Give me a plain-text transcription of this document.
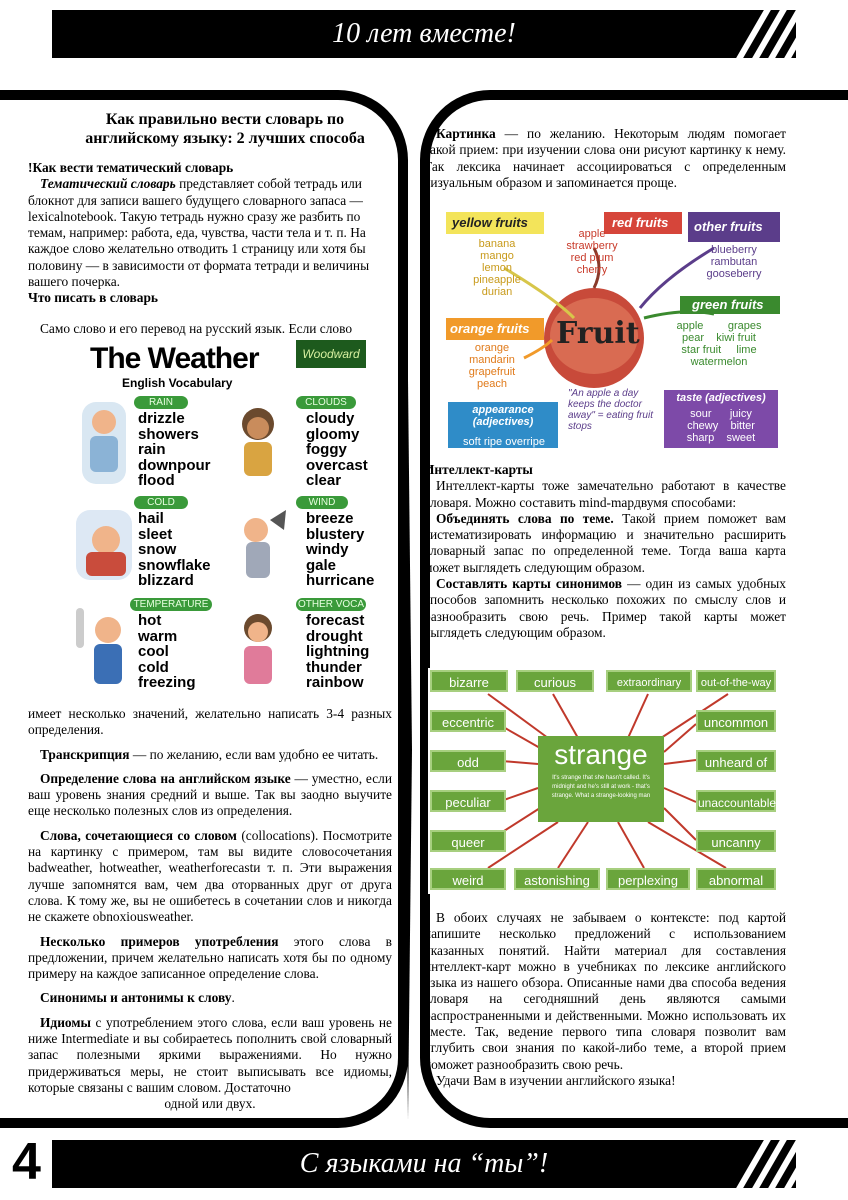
10 лет вместе!
Как правильно вести словарь по
английскому языку: 2 лучших способа

!Как вести тематический словарь

Тематический словарь представляет собой тетрадь или блокнот для записи вашего будущего словарного запаса — lexicalnotebook. Такую тетрадь нужно сразу же разбить по темам, например: работа, еда, чувства, части тела и т. п. На каждое слово желательно отводить 1 страницу или хотя бы половину — в зависимости от формата тетради и величины вашего почерка.

Что писать в словарь

Само слово и его перевод на русский язык. Если слово

The Weather
English Vocabulary
Woodward
RAIN
drizzle
showers
rain
downpour
flood
CLOUDS
cloudy
gloomy
foggy
overcast
clear
COLD
hail
sleet
snow
snowflake
blizzard
WIND
breeze
blustery
windy
gale
hurricane
TEMPERATURE
hot
warm
cool
cold
freezing
OTHER VOCA
forecast
drought
lightning
thunder
rainbow

имеет несколько значений, желательно написать 3-4 разных определения.

Транскрипция — по желанию, если вам удобно ее читать.

Определение слова на английском языке — уместно, если ваш уровень знания средний и выше. Так вы заодно выучите еще несколько полезных слов из определения.

Слова, сочетающиеся со словом (collocations). Посмотрите на картинку с примером, там вы видите словосочетания badweather, hotweather, weatherforecastи т. п. Эти выражения лучше запомнятся вам, чем два оторванных друг от друга слова. К тому же, вы не ошибетесь в сочетании слов и никогда не скажете obnoxiousweather.

Несколько примеров употребления этого слова в предложении, причем желательно написать хотя бы по одному примеру на каждое записанное определение слова.

Синонимы и антонимы к слову.

Идиомы с употреблением этого слова, если ваш уровень не ниже Intermediate и вы собираетесь пополнить свой словарный запас полезными яркими выражениями. Но нужно придерживаться меры, не стоит выписывать все идиомы, которые связаны с вашим словом. Достаточно

одной или двух.

Картинка — по желанию. Некоторым людям помогает такой прием: при изучении слова они рисуют картинку к нему. Так лексика начинает ассоциироваться с определенным визуальным образом и запоминается проще.

yellow fruits
banana
mango
lemon
pineapple
durian
red fruits
apple
strawberry
red plum
cherry
other fruits
blueberry
rambutan
gooseberry
green fruits
apple        grapes
pear    kiwi fruit
star fruit     lime
watermelon
orange fruits
orange
mandarin
grapefruit
peach
appearance (adjectives)
soft ripe overripe
taste (adjectives)
sour      juicy
chewy    bitter
sharp    sweet
Fruit
"An apple a day keeps the doctor away" = eating fruit stops

Интеллект-карты

Интеллект-карты тоже замечательно работают в качестве словаря. Можно составить mind-mapдвумя способами:

Объединять слова по теме. Такой прием поможет вам систематизировать информацию и значительно расширить словарный запас по определенной теме. Тогда ваша карта может выглядеть следующим образом.

Составлять карты синонимов — один из самых удобных способов запомнить несколько похожих по смыслу слов и разнообразить свою речь. Пример такой карты может выглядеть следующим образом.

strange
It's strange that she hasn't called. It's midnight and he's still at work - that's strange. What a strange-looking man
bizarre	curious	extraordinary	out-of-the-way
eccentric	uncommon
odd	unheard of
peculiar	unaccountable
queer	uncanny
weird	astonishing	perplexing	abnormal

В обоих случаях не забываем о контексте: под картой напишите несколько предложений с использованием указанных понятий. Найти материал для составления интеллект-карт можно в учебниках по лексике английского языка из нашего обзора. Описанные нами два способа ведения словаря на сегодняшний день являются самыми распространенными и действенными. Можно использовать их вместе. Так, ведение первого типа словаря позволит вам углубить свои знания по какой-либо теме, а второй прием поможет разнообразить свою речь.

Удачи Вам в изучении английского языка!

С языками на “ты”!
4
